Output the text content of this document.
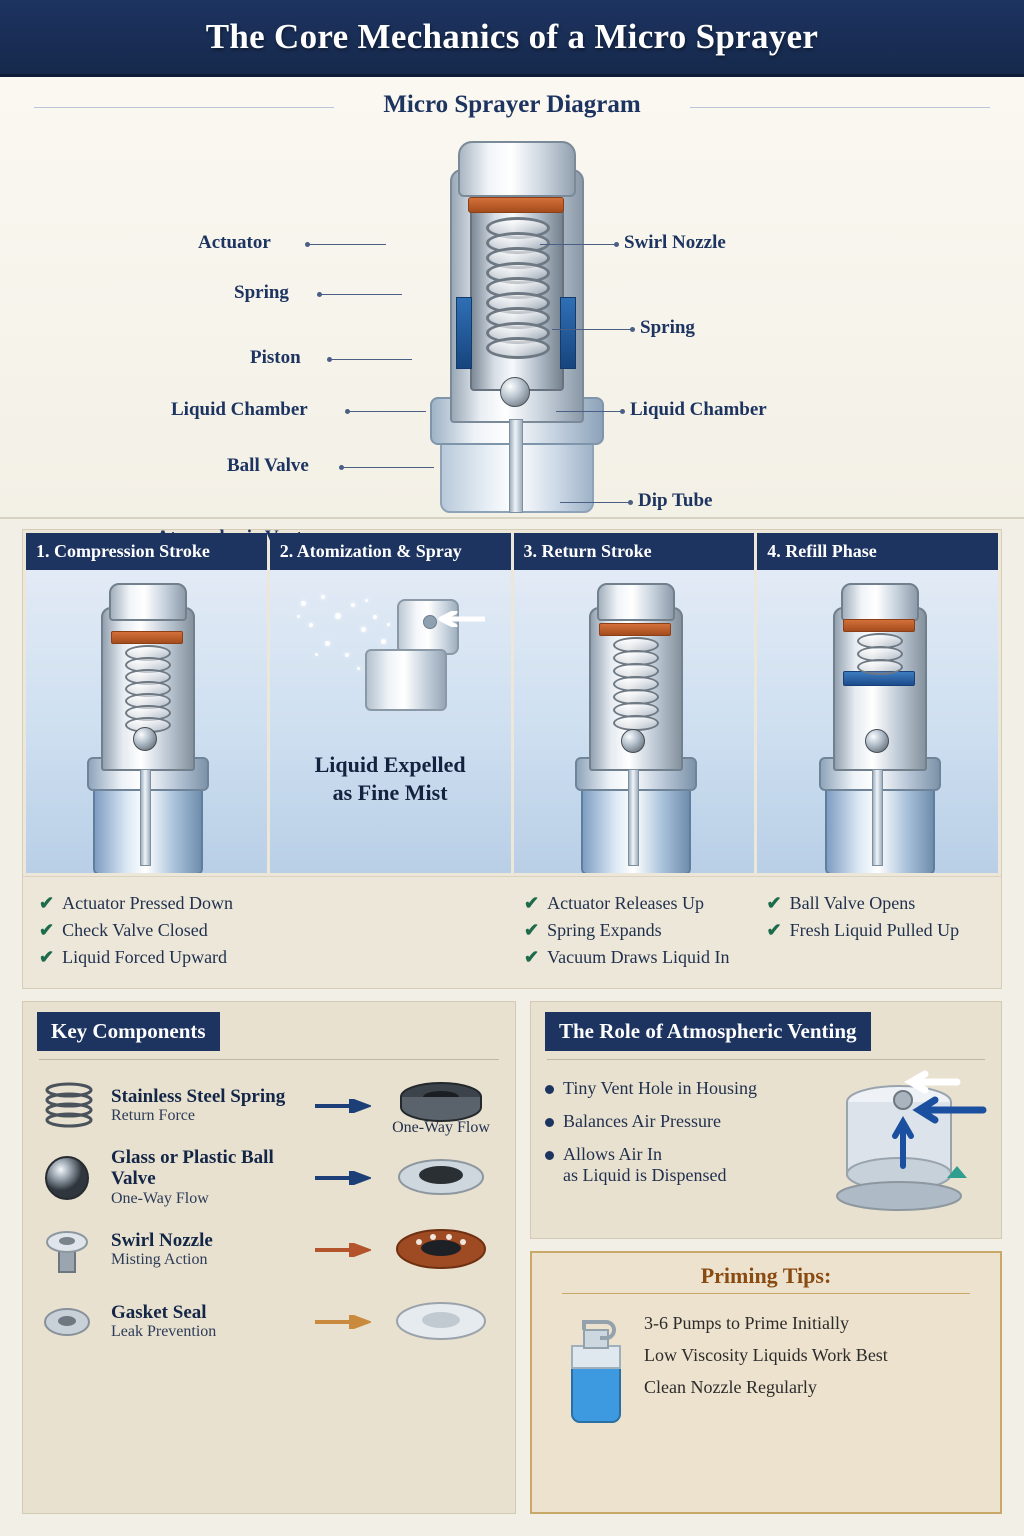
The Core Mechanics of a Micro Sprayer
Micro Sprayer Diagram
Actuator
Spring
Piston
Liquid Chamber
Ball Valve
Swirl Nozzle
Spring
Liquid Chamber
Dip Tube
1. Compression Stroke	2. Atomization & Spray
Liquid Expelled
as Fine Mist
3. Return Stroke	4. Refill Phase
✔ Actuator Pressed Down
✔ Check Valve Closed
✔ Liquid Forced Upward
✔ Actuator Releases Up
✔ Spring Expands
✔ Vacuum Draws Liquid In
✔ Ball Valve Opens
✔ Fresh Liquid Pulled Up
Key Components
Stainless Steel Spring
Return Force
One-Way Flow
Glass or Plastic Ball Valve
One-Way Flow
Swirl Nozzle
Misting Action
Gasket Seal
Leak Prevention
The Role of Atmospheric Venting
Tiny Vent Hole in Housing
Balances Air Pressure
Allows Air In
as Liquid is Dispensed
Priming Tips:
3-6 Pumps to Prime Initially
Low Viscosity Liquids Work Best
Clean Nozzle Regularly
